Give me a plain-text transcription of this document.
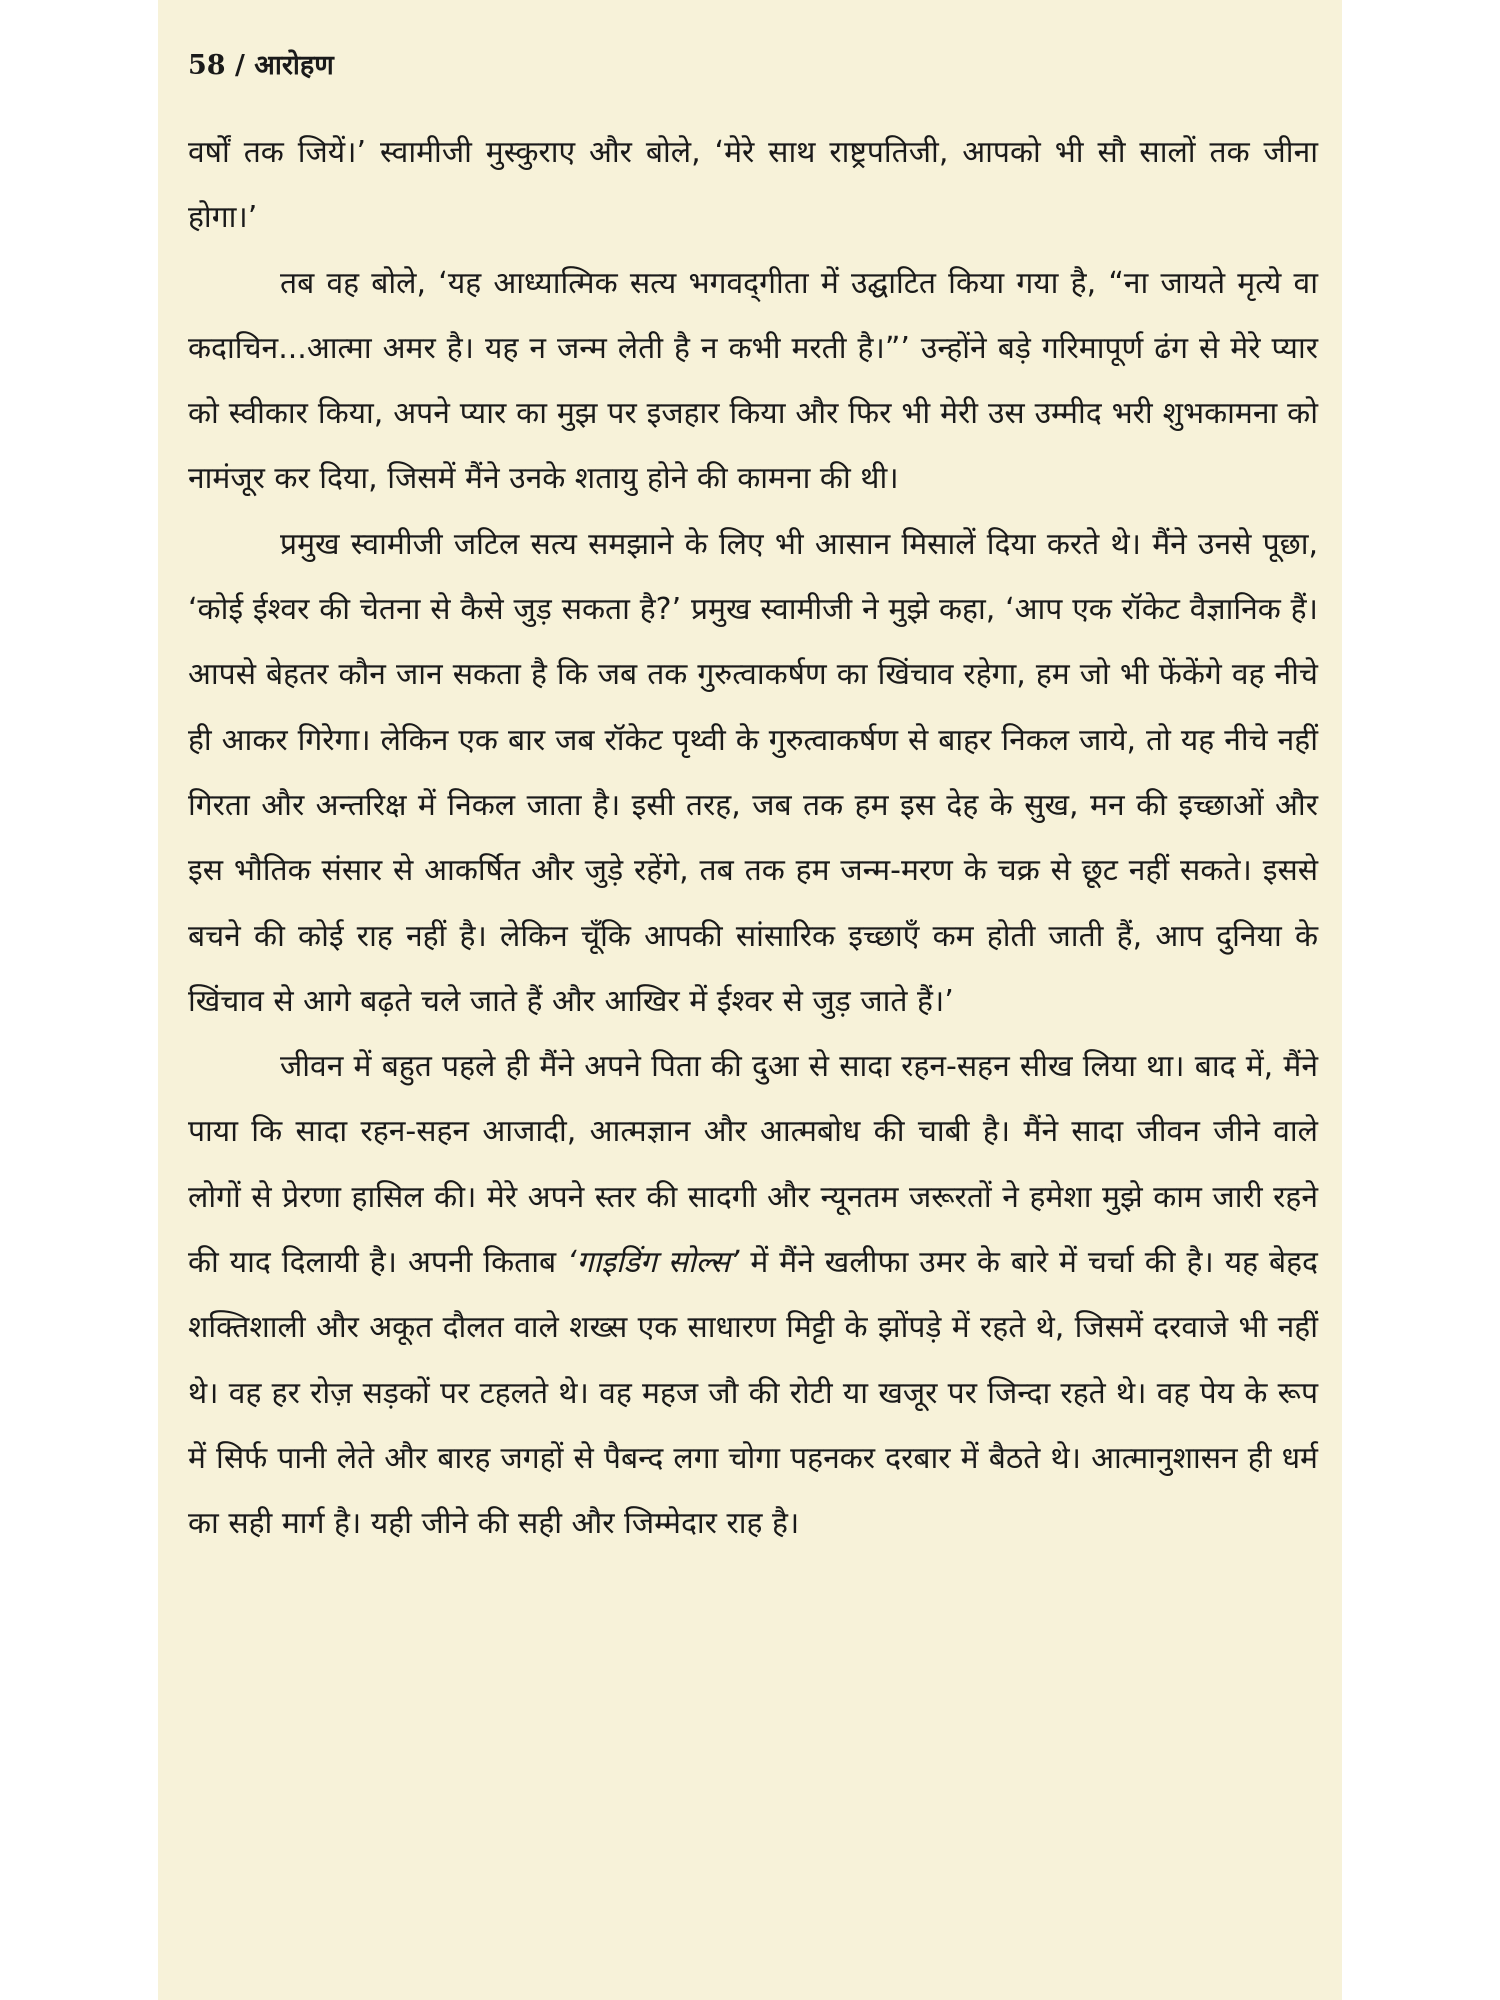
58 / आरोहण
वर्षों तक जियें।’ स्वामीजी मुस्कुराए और बोले, ‘मेरे साथ राष्ट्रपतिजी, आपको भी सौ सालों तक जीना होगा।’
तब वह बोले, ‘यह आध्यात्मिक सत्य भगवद्‌गीता में उद्घाटित किया गया है, “ना जायते मृत्ये वा कदाचिन...आत्मा अमर है। यह न जन्म लेती है न कभी मरती है।”’ उन्होंने बड़े गरिमापूर्ण ढंग से मेरे प्यार को स्वीकार किया, अपने प्यार का मुझ पर इजहार किया और फिर भी मेरी उस उम्मीद भरी शुभकामना को नामंजूर कर दिया, जिसमें मैंने उनके शतायु होने की कामना की थी।
प्रमुख स्वामीजी जटिल सत्य समझाने के लिए भी आसान मिसालें दिया करते थे। मैंने उनसे पूछा, ‘कोई ईश्वर की चेतना से कैसे जुड़ सकता है?’ प्रमुख स्वामीजी ने मुझे कहा, ‘आप एक रॉकेट वैज्ञानिक हैं। आपसे बेहतर कौन जान सकता है कि जब तक गुरुत्वाकर्षण का खिंचाव रहेगा, हम जो भी फेंकेंगे वह नीचे ही आकर गिरेगा। लेकिन एक बार जब रॉकेट पृथ्वी के गुरुत्वाकर्षण से बाहर निकल जाये, तो यह नीचे नहीं गिरता और अन्तरिक्ष में निकल जाता है। इसी तरह, जब तक हम इस देह के सुख, मन की इच्छाओं और इस भौतिक संसार से आकर्षित और जुड़े रहेंगे, तब तक हम जन्म-मरण के चक्र से छूट नहीं सकते। इससे बचने की कोई राह नहीं है। लेकिन चूँकि आपकी सांसारिक इच्छाएँ कम होती जाती हैं, आप दुनिया के खिंचाव से आगे बढ़ते चले जाते हैं और आखिर में ईश्वर से जुड़ जाते हैं।’
जीवन में बहुत पहले ही मैंने अपने पिता की दुआ से सादा रहन-सहन सीख लिया था। बाद में, मैंने पाया कि सादा रहन-सहन आजादी, आत्मज्ञान और आत्मबोध की चाबी है। मैंने सादा जीवन जीने वाले लोगों से प्रेरणा हासिल की। मेरे अपने स्तर की सादगी और न्यूनतम जरूरतों ने हमेशा मुझे काम जारी रहने की याद दिलायी है। अपनी किताब ‘गाइडिंग सोल्स’ में मैंने खलीफा उमर के बारे में चर्चा की है। यह बेहद शक्तिशाली और अकूत दौलत वाले शख्स एक साधारण मिट्टी के झोंपड़े में रहते थे, जिसमें दरवाजे भी नहीं थे। वह हर रोज़ सड़कों पर टहलते थे। वह महज जौ की रोटी या खजूर पर जिन्दा रहते थे। वह पेय के रूप में सिर्फ पानी लेते और बारह जगहों से पैबन्द लगा चोगा पहनकर दरबार में बैठते थे। आत्मानुशासन ही धर्म का सही मार्ग है। यही जीने की सही और जिम्मेदार राह है।
